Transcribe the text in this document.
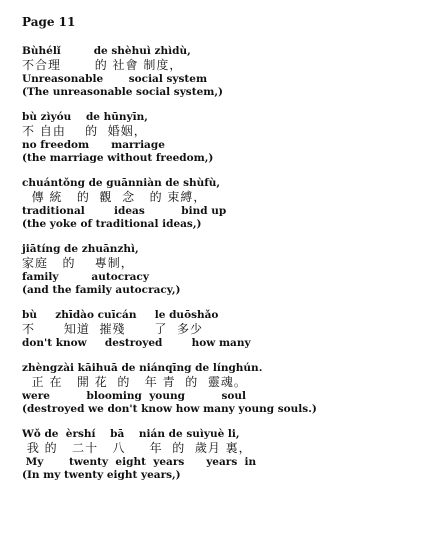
Page 11
Bùhélǐ         de shèhuì zhìdù,
不合理       的 社會 制度，
Unreasonable       social system
(The unreasonable social system,)
bù zìyóu    de hūnyīn,
不 自由    的  婚姻，
no freedom      marriage
(the marriage without freedom,)
chuántǒng de guānniàn de shùfù,
傳 統   的  觀  念   的 束縛，
traditional        ideas          bind up
(the yoke of traditional ideas,)
jiātíng de zhuānzhì,
家庭   的    專制，
family         autocracy
(and the family autocracy,)
bù     zhīdào cuīcán     le duōshǎo
不      知道  摧殘      了  多少
don't know     destroyed        how many
zhèngzài kāihuā de niánqīng de línghún.
正 在   開 花  的   年 青  的  靈魂。
were          blooming  young          soul
(destroyed we don't know how many young souls.)
Wǒ de  èrshí    bā    nián de suìyuè li,
我 的   二十   八     年  的  歲月 裏，
My       twenty  eight  years      years  in
(In my twenty eight years,)
